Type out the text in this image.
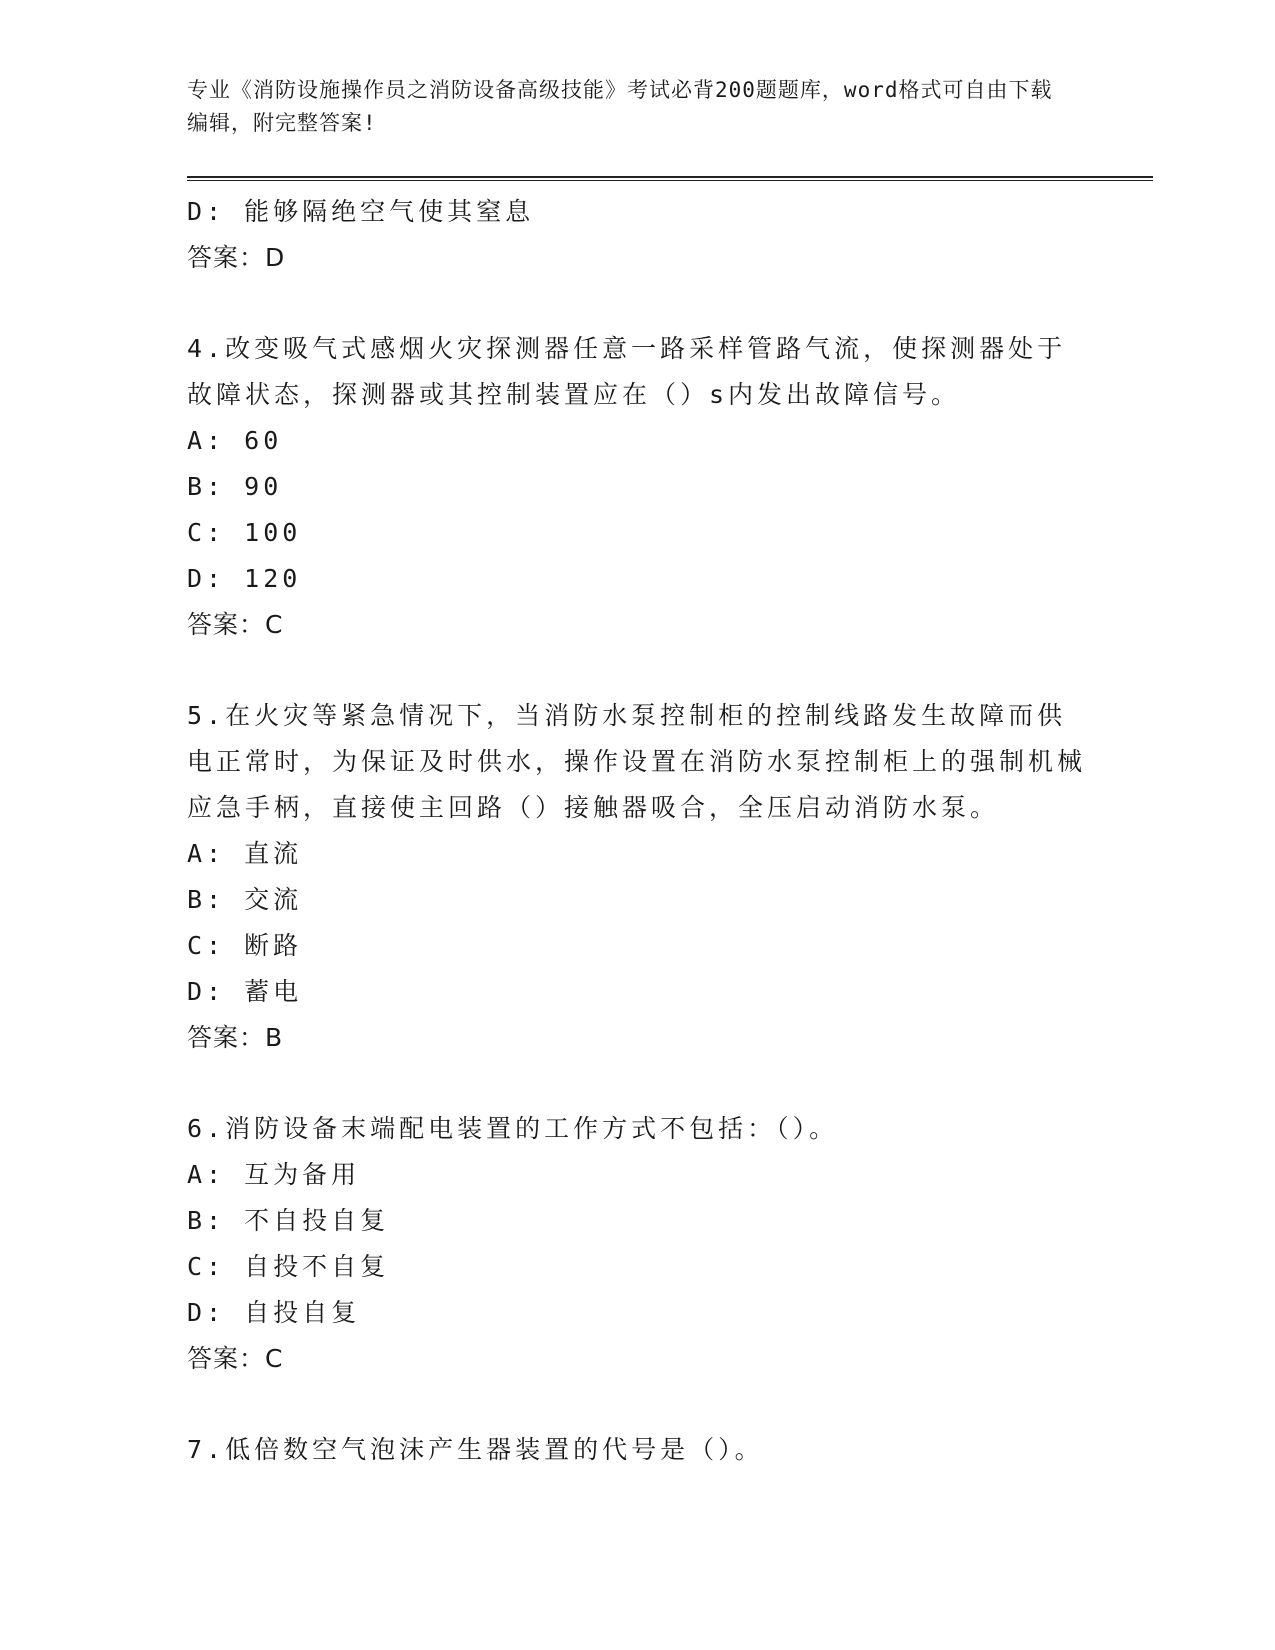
专业《消防设施操作员之消防设备高级技能》考试必背200题题库，word格式可自由下载编辑，附完整答案!
D: 能够隔绝空气使其窒息
答案：D
4.改变吸气式感烟火灾探测器任意一路采样管路气流，使探测器处于故障状态，探测器或其控制装置应在（）s内发出故障信号。
A: 60
B: 90
C: 100
D: 120
答案：C
5.在火灾等紧急情况下，当消防水泵控制柜的控制线路发生故障而供电正常时，为保证及时供水，操作设置在消防水泵控制柜上的强制机械应急手柄，直接使主回路（）接触器吸合，全压启动消防水泵。
A: 直流
B: 交流
C: 断路
D: 蓄电
答案：B
6.消防设备末端配电装置的工作方式不包括：（）。
A: 互为备用
B: 不自投自复
C: 自投不自复
D: 自投自复
答案：C
7.低倍数空气泡沫产生器装置的代号是（）。
